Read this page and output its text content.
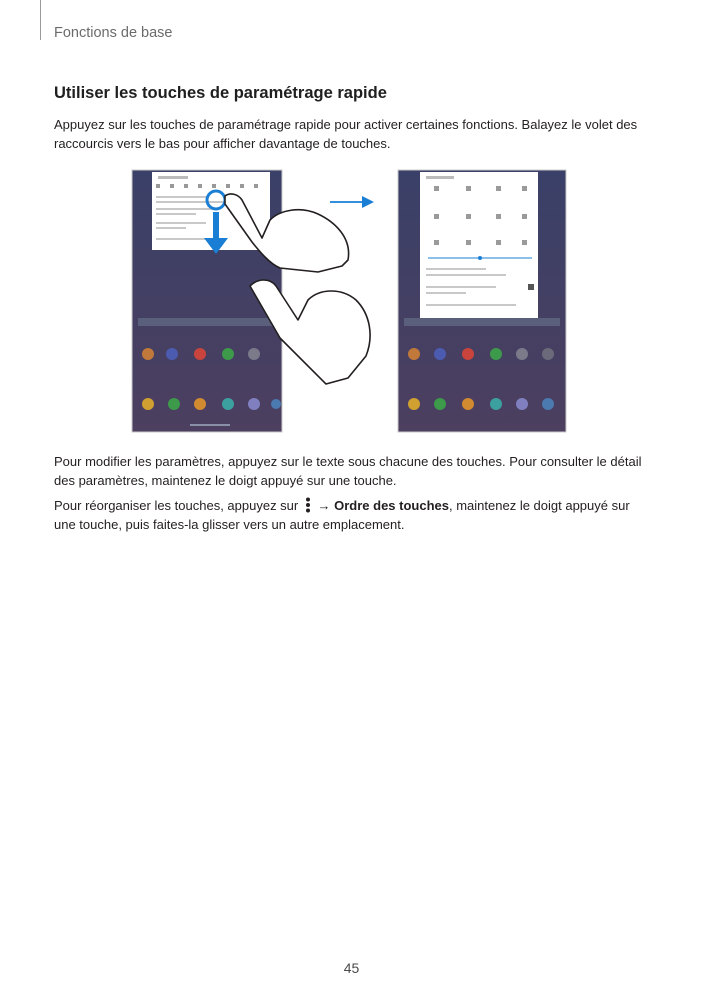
Fonctions de base
Utiliser les touches de paramétrage rapide

Appuyez sur les touches de paramétrage rapide pour activer certaines fonctions. Balayez le volet des raccourcis vers le bas pour afficher davantage de touches.

Pour modifier les paramètres, appuyez sur le texte sous chacune des touches. Pour consulter le détail des paramètres, maintenez le doigt appuyé sur une touche.

Pour réorganiser les touches, appuyez sur → Ordre des touches, maintenez le doigt appuyé sur une touche, puis faites-la glisser vers un autre emplacement.

45
